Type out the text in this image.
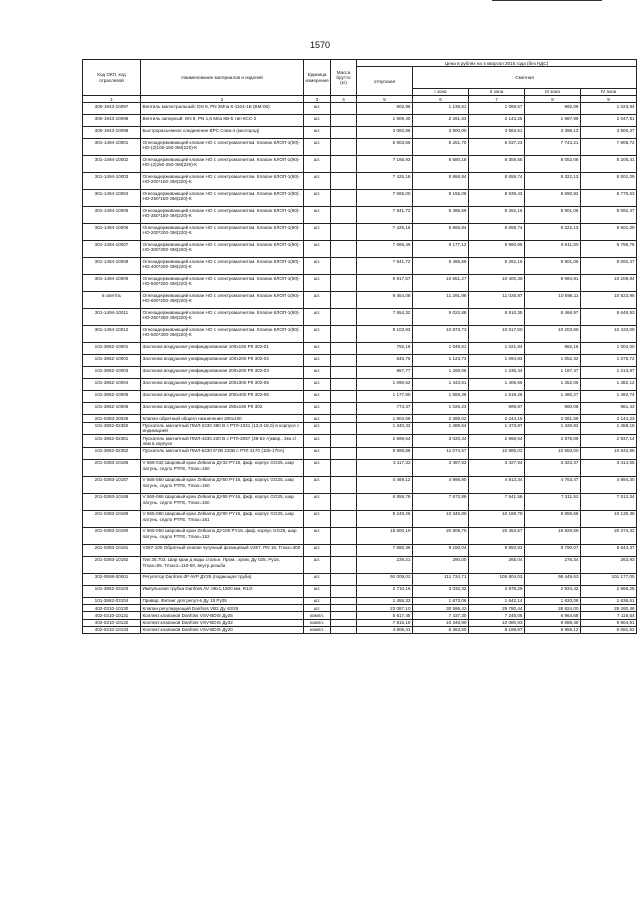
1570
Код ОКП, код отраслевой	Наименование материалов и изделий	Единица измерения	Масса брутто (кг)	Цена в рублях на 4 квартал 2015 года (без НДС)				
				отпускная	Сметная			
					I зона	II зона	III зона	IV зона
1	2	3	4	5	6	7	8	9
300-1943-10097	Вентиль магистральный; DN 8, PN 2Мпа К-1104-1Б (ВМ-06)	шт.		802,96	1 138,61	1 069,57	992,09	1 023,94
300-1943-10098	Вентиль запорный: DN 8, PN 1,6 Мпа КВ-5 тип КСС-2	шт.		1 809,40	2 261,63	2 143,25	1 987,99	2 047,81
300-1943-10099	Быстроразъемное соединение ВРС Сова-4 (кислород)	шт.		3 092,86	3 900,00	3 663,51	3 398,13	3 500,37
301-1494-10001	Огнезадерживающий клапан НО с электромагнитом. Клапан КЛОП-1(90)-НО-(2)100-150-ЭМ(220)-К	шт.		5 903,66	8 251,70	8 037,23	7 743,21	7 908,72
301-1494-10002	Огнезадерживающий клапан НО с электромагнитом. Клапан КЛОП-1(90)-НО-(2)250-250-ЭМ(220)-К	шт.		7 166,93	8 580,18	8 358,55	8 052,06	8 205,41
301-1494-10003	Огнезадерживающий клапан НО с электромагнитом. Клапан КЛОП-1(90)-НО-200*150-ЭМ(220)-К	шт.		7 425,16	8 866,84	8 659,74	8 322,13	8 501,09
301-1494-10004	Огнезадерживающий клапан НО с электромагнитом. Клапан КЛОП-1(90)-НО-250*150-ЭМ(220)-К	шт.		7 665,00	9 155,08	8 939,43	8 590,92	8 775,63
301-1494-10005	Огнезадерживающий клапан НО с электромагнитом. Клапан КЛОП-1(90)-НО-350*150-ЭМ(220)-К	шт.		7 941,72	9 485,59	9 262,16	8 901,06	9 092,47
301-1494-10006	Огнезадерживающий клапан НО с электромагнитом. Клапан КЛОП-1(90)-НО-200*200-ЭМ(220)-К	шт.		7 425,16	8 866,84	8 659,74	8 322,13	8 501,09
301-1494-10007	Огнезадерживающий клапан НО с электромагнитом. Клапан КЛОП-1(90)-НО-300*200-ЭМ(220)-К	шт.		7 665,46	9 177,12	8 960,95	8 611,50	8 796,78
301-1494-10008	Огнезадерживающий клапан НО с электромагнитом. Клапан КЛОП-1(90)-НО-400*200-ЭМ(220)-К	шт.		7 941,72	9 485,59	9 262,16	8 901,06	9 092,47
301-1494-10009	Огнезадерживающий клапан НО с электромагнитом. Клапан КЛОП-1(90)-НО-500*200-ЭМ(220)-К	шт.		8 917,67	10 651,27	10 400,38	9 994,91	10 209,84
в свет/пь	Огнезадерживающий клапан НО с электромагнитом. Клапан КЛОП-1(90)-НО-600*200-ЭМ(220)-К	шт.		9 454,08	11 291,96	11 025,97	10 596,11	10 823,96
301-1494-10011	Огнезадерживающий клапан НО с электромагнитом. Клапан КЛОП-1(90)-НО-250*250-ЭМ(220)-К	шт.		7 554,32	9 022,88	8 810,35	8 466,97	8 648,93
301-1494-10012	Огнезадерживающий клапан НО с электромагнитом. Клапан КЛОП-1(90)-НО-500*300-ЭМ(220)-К	шт.		9 103,93	10 873,73	10 617,50	10 203,66	10 423,09
101-3862-10001	Заслонка воздушная унифицированная 100х150 РК 302-01	шт.		792,18	1 048,61	1 021,84	982,16	1 004,00
101-3862-10002	Заслонка воздушная унифицированная 100х200 РК 302-02	шт.		846,76	1 123,73	1 094,83	1 052,32	1 075,72
101-3862-10003	Заслонка воздушная унифицированная 200х200 РК 302-03	шт.		957,77	1 268,05	1 235,44	1 187,47	1 213,87
101-3862-10004	Заслонка воздушная унифицированная 200х300 РК 302-05	шт.		1 090,52	1 443,61	1 406,66	1 352,06	1 382,12
101-3862-10005	Заслонка воздушная унифицированная 200х400 РК 302-06	шт.		1 177,80	1 559,38	1 519,26	1 460,27	1 492,74
101-3862-10006	Заслонка воздушная унифицированная 250х150 РК 302	шт.		774,37	1 026,23	999,87	960,08	981,43
201-0393-20026	Клапан обратный общего назначения 200х100	шт.		1 804,56	2 389,02	2 244,15	2 081,59	2 144,23
101-3862-02350	Пускатель магнитный ПМЛ-2230 380 В с РТЛ-1021 (13,0-18,0) в корпусе с индикацией	шт.		1 340,32	1 489,54	1 473,87	1 428,92	1 458,16
101-3862-02351	Пускатель магнитный ПМЛ-4230 220 В с РТЛ-2057 (38-52 А)квар., 2кн.с/лвм в корпусе	шт.		2 699,64	3 020,34	2 968,64	2 878,09	2 937,14
101-3862-02352	Пускатель магнитный ПМЛ-6230 6*2В 220В с РТЛ 3170 (105-170А)	шт.		9 898,88	11 074,57	10 885,02	10 553,00	10 842,86
201-0393-10186	V 565-032 Шаровый кран Zetkama ДУ32 PY16, фкф, корпус GG25, шар латунь, седло PTFE, Tmax=150	шт.		3 117,32	3 487,63	3 427,94	3 323,37	3 414,65
201-0393-10187	V 565-050 Шаровый кран Zetkama ДУ50 PY16, фкф, корпус GG25, шар латунь, седло PTFE, Tmax=150	шт.		4 469,12	4 998,90	4 913,34	4 763,47	4 894,30
201-0393-10188	V 565-065 Шаровый кран Zetkama ДУ65 PY16, фкф, корпус GG25, шар латунь, седло PTFE, Tmax=150	шт.		6 858,79	7 672,89	7 541,56	7 311,52	7 512,34
201-0393-10189	V 565-080 Шаровый кран Zetkama ДУ80 PY16, фкф, корпус GG25, шар латунь, седло PTFE, Tmax=151	шт.		9 248,26	10 346,86	10 169,78	9 859,58	10 130,36
201-0393-10190	V 565-050 Шаровый кран Zetkama ДУ100 PY16, фкф, корпус GG25, шар латунь, седло PTFE, Tmax=152	шт.		18 600,19	20 809,75	20 453,57	19 829,68	20 374,32
201-0393-10191	V267-100 Обратный клапан чугунный фланцевый V267, PN 16, Tmax=300	шт.		7 680,39	9 150,04	8 893,93	8 790,07	8 644,37
201-0393-10192	Тип 35.703. Шар кран д воды стальн. Пром., хром, Ду 025, Ру16, Tmax=95. Tmax1=110-50, внутр.резьба	шт.		239,21	290,00	265,04	276,34	263,93
302-0598-00001	Регулятор Danfoss dP AVP ДУ25 (подающая труба)	шт.		92 009,02	111 734,71	105 804,03	98 449,63	101 177,05
101-3862-03103	Импульсная трубка Danfoss AV, 06x1,1500 мм, R1/2	шт.		2 710,16	3 032,32	2 978,29	2 934,42	2 966,25
101-3862-03104	Привар. Фитинг для регул-в Ду 15 Ру25	шт.		1 455,33	1 673,06	1 642,14	1 620,08	1 636,61
402-0310-10130	Клапан регулирующий Danfoss VB2 Ду 40/25	шт.		23 087,10	30 596,42	29 780,44	28 824,00	29 260,46
402-0310-10131	Коллект.клапанов Danfoss VSV-BDIS Ду25	компл.		5 617,45	7 437,30	7 246,06	6 964,68	7 119,54
402-0310-10132	Коллект.клапанов Danfoss VSV-BDIS Ду32	компл.		7 815,19	10 348,99	10 080,93	9 689,46	9 904,91
402-0310-10133	Коллект.клапанов Danfoss VSV-BDIS Ду20	компл.		4 806,41	6 363,50	6 199,87	5 959,12	6 091,62
